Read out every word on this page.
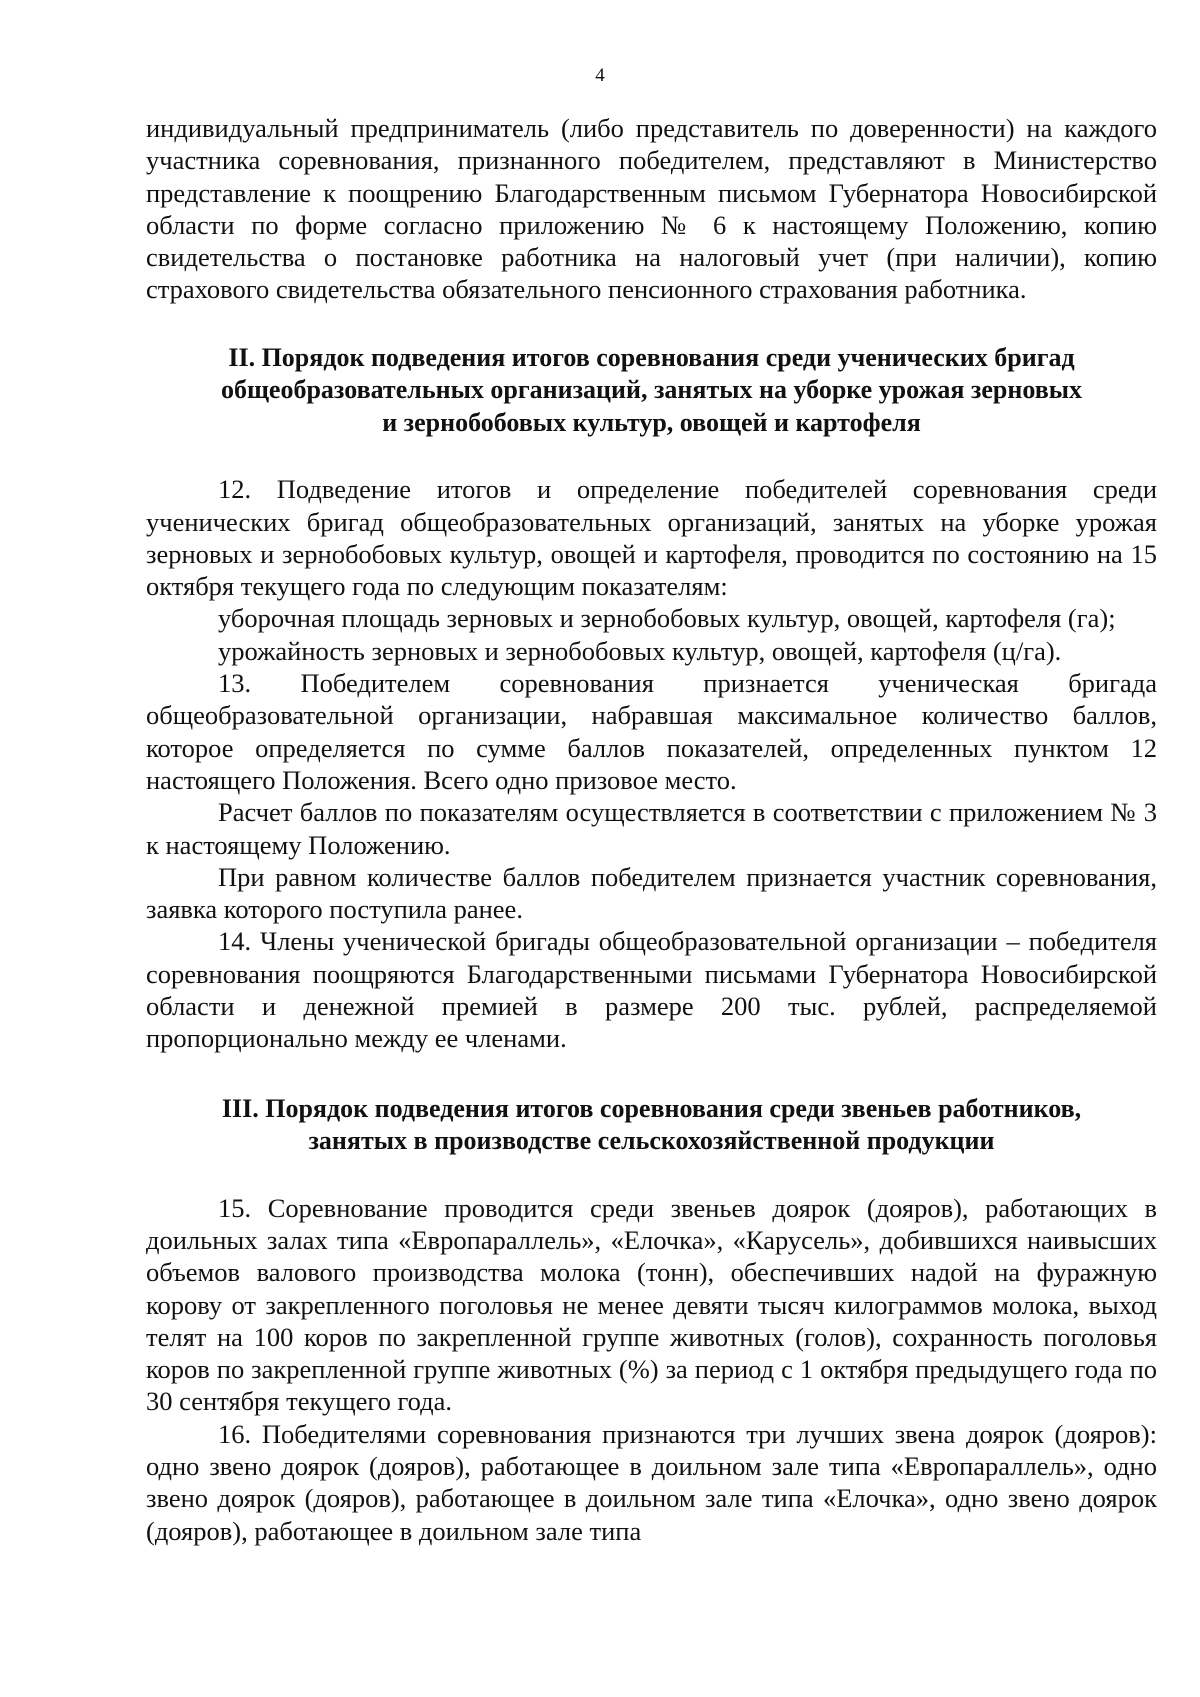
4

индивидуальный предприниматель (либо представитель по доверенности) на каждого участника соревнования, признанного победителем, представляют в Министерство представление к поощрению Благодарственным письмом Губернатора Новосибирской области по форме согласно приложению № 6 к настоящему Положению, копию свидетельства о постановке работника на налоговый учет (при наличии), копию страхового свидетельства обязательного пенсионного страхования работника.

II. Порядок подведения итогов соревнования среди ученических бригад
общеобразовательных организаций, занятых на уборке урожая зерновых
и зернобобовых культур, овощей и картофеля

12. Подведение итогов и определение победителей соревнования среди ученических бригад общеобразовательных организаций, занятых на уборке урожая зерновых и зернобобовых культур, овощей и картофеля, проводится по состоянию на 15 октября текущего года по следующим показателям:

уборочная площадь зерновых и зернобобовых культур, овощей, картофеля (га);

урожайность зерновых и зернобобовых культур, овощей, картофеля (ц/га).

13. Победителем соревнования признается ученическая бригада общеобразовательной организации, набравшая максимальное количество баллов, которое определяется по сумме баллов показателей, определенных пунктом 12 настоящего Положения. Всего одно призовое место.

Расчет баллов по показателям осуществляется в соответствии с приложением № 3 к настоящему Положению.

При равном количестве баллов победителем признается участник соревнования, заявка которого поступила ранее.

14. Члены ученической бригады общеобразовательной организации – победителя соревнования поощряются Благодарственными письмами Губернатора Новосибирской области и денежной премией в размере 200 тыс. рублей, распределяемой пропорционально между ее членами.

III. Порядок подведения итогов соревнования среди звеньев работников,
занятых в производстве сельскохозяйственной продукции

15. Соревнование проводится среди звеньев доярок (дояров), работающих в доильных залах типа «Европараллель», «Елочка», «Карусель», добившихся наивысших объемов валового производства молока (тонн), обеспечивших надой на фуражную корову от закрепленного поголовья не менее девяти тысяч килограммов молока, выход телят на 100 коров по закрепленной группе животных (голов), сохранность поголовья коров по закрепленной группе животных (%) за период с 1 октября предыдущего года по 30 сентября текущего года.

16. Победителями соревнования признаются три лучших звена доярок (дояров): одно звено доярок (дояров), работающее в доильном зале типа «Европараллель», одно звено доярок (дояров), работающее в доильном зале типа «Елочка», одно звено доярок (дояров), работающее в доильном зале типа
